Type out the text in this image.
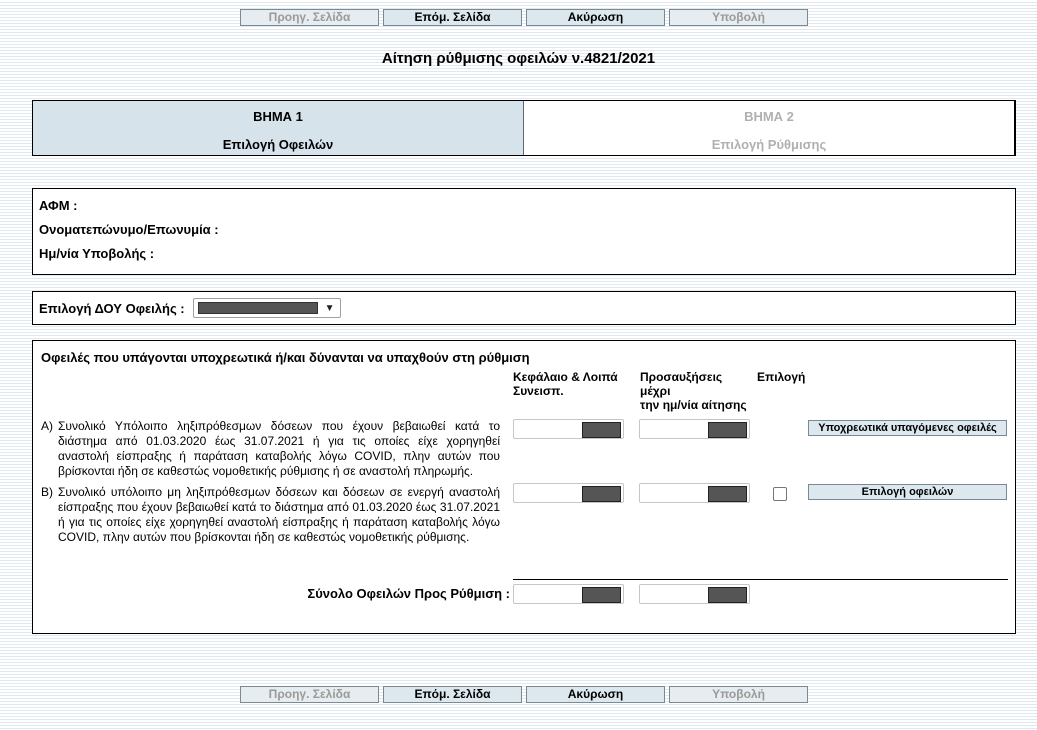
Προηγ. Σελίδα	Επόμ. Σελίδα	Ακύρωση	Υποβολή
Αίτηση ρύθμισης οφειλών ν.4821/2021
ΒΗΜΑ 1
Επιλογή Οφειλών
ΒΗΜΑ 2
Επιλογή Ρύθμισης
ΑΦΜ :
Ονοματεπώνυμο/Επωνυμία :
Ημ/νία Υποβολής :
Επιλογή ΔΟΥ Οφειλής :	▼
Οφειλές που υπάγονται υποχρεωτικά ή/και δύνανται να υπαχθούν στη ρύθμιση
Κεφάλαιο & Λοιπά Συνεισπ.
Προσαυξήσεις
μέχρι
την ημ/νία αίτησης
Επιλογή
A) Συνολικό Υπόλοιπο ληξιπρόθεσμων δόσεων που έχουν βεβαιωθεί κατά το διάστημα από 01.03.2020 έως 31.07.2021 ή για τις οποίες είχε χορηγηθεί αναστολή είσπραξης ή παράταση καταβολής λόγω COVID, πλην αυτών που βρίσκονται ήδη σε καθεστώς νομοθετικής ρύθμισης ή σε αναστολή πληρωμής.
Υποχρεωτικά υπαγόμενες οφειλές
B) Συνολικό υπόλοιπο μη ληξιπρόθεσμων δόσεων και δόσεων σε ενεργή αναστολή είσπραξης που έχουν βεβαιωθεί κατά το διάστημα από 01.03.2020 έως 31.07.2021 ή για τις οποίες είχε χορηγηθεί αναστολή είσπραξης ή παράταση καταβολής λόγω COVID, πλην αυτών που βρίσκονται ήδη σε καθεστώς νομοθετικής ρύθμισης.
Επιλογή οφειλών
Σύνολο Οφειλών Προς Ρύθμιση :
Προηγ. Σελίδα	Επόμ. Σελίδα	Ακύρωση	Υποβολή
